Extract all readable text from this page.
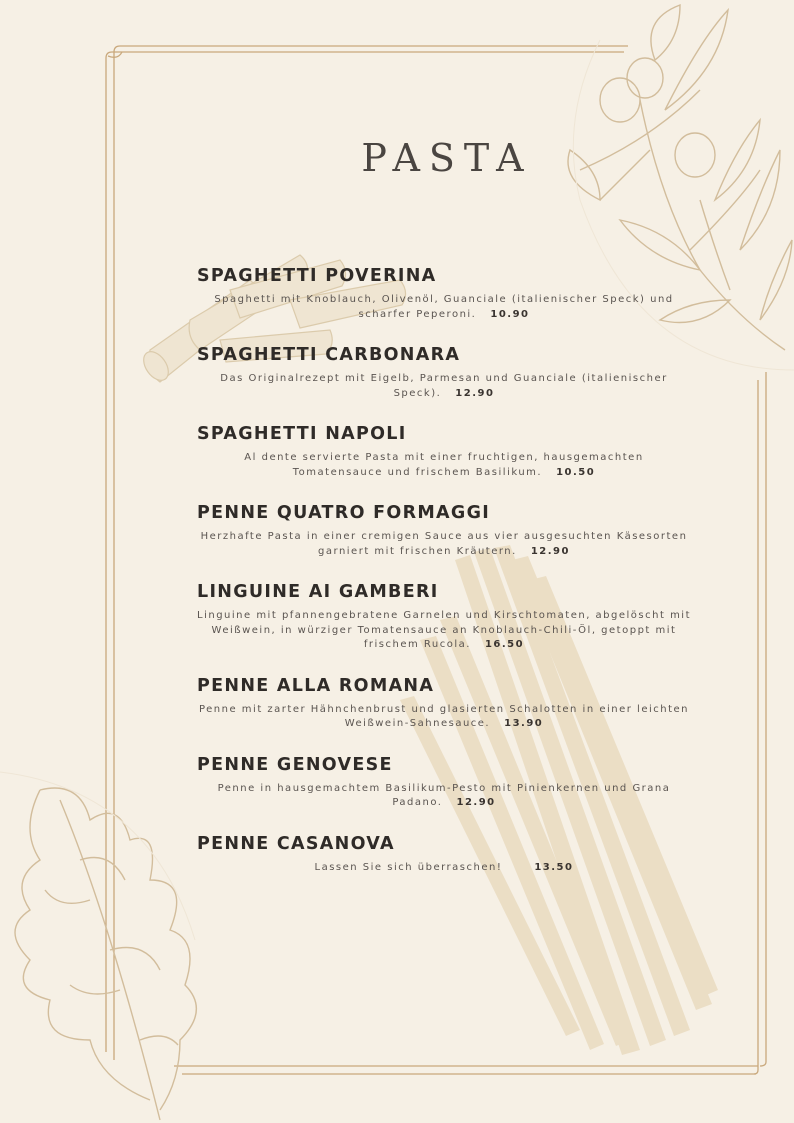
PASTA
SPAGHETTI POVERINA

Spaghetti mit Knoblauch, Olivenöl, Guanciale (italienischer Speck) und scharfer Peperoni. 10.90

SPAGHETTI CARBONARA

Das Originalrezept mit Eigelb, Parmesan und Guanciale (italienischer Speck). 12.90

SPAGHETTI NAPOLI

Al dente servierte Pasta mit einer fruchtigen, hausgemachten Tomatensauce und frischem Basilikum. 10.50

PENNE QUATRO FORMAGGI

Herzhafte Pasta in einer cremigen Sauce aus vier ausgesuchten Käsesorten garniert mit frischen Kräutern. 12.90

LINGUINE AI GAMBERI

Linguine mit pfannengebratene Garnelen und Kirschtomaten, abgelöscht mit Weißwein, in würziger Tomatensauce an Knoblauch-Chili-Öl, getoppt mit frischem Rucola. 16.50

PENNE ALLA ROMANA

Penne mit zarter Hähnchenbrust und glasierten Schalotten in einer leichten Weißwein-Sahnesauce. 13.90

PENNE GENOVESE

Penne in hausgemachtem Basilikum-Pesto mit Pinienkernen und Grana Padano. 12.90

PENNE CASANOVA

Lassen Sie sich überraschen!	13.50
